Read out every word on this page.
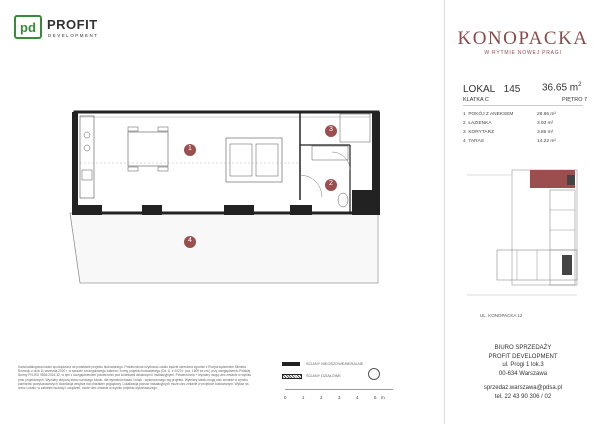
pd PROFIT
DEVELOPMENT	KONOPACKA
W RYTMIE NOWEJ PRAGI
LOKAL 145 36.65 $m^2$
KLATKA C	PIĘTRO 7
1 POKÓJ Z ANEKSEM	28.86 m²
2 ŁAZIENKA	3.93 m²
3 KORYTARZ	3.86 m²
4 TARAS	14.22 m²
1
2
3
4
UL. KONOPACKA 12
BIURO SPRZEDAŻY
PROFIT DEVELOPMENT
ul. Progi 1 lok.3
00-634 Warszawa
sprzedaz.warszawa@pdsa.pl
tel. 22 43 90 306 / 02
Karta katalogowa lokalu sporządzona na podstawie projektu budowlanego. Powierzchnia użytkowa Lokalu będzie określona zgodnie z Rozporządzeniem Ministra Rozwoju z dnia 11 września 2020 r. w sprawie szczegółowego zakresu i formy projektu budowlanego (Dz. U. z 2020 r. poz. 1609 ze zm.) przy uwzględnieniu Polskiej Normy PN-ISO 9836:2015-12, w tym z uwzględnieniem powierzchni pod ściankami działowymi i instalacyjnymi. Powierzchnia + wymiary mogą ulec zmianie w wyniku prac projektowych. Wymiary dotyczą stanu surowego lokalu, dla wymiarów fasad i wnęk - wykończonego wg projektu. Wymiary lokalu mogą ulec zmianie w wyniku pomiarów powykonawczych. Aranżacja wnętrza ma charakter poglądowy. Lokalizacja pionów instalacyjnych może ulec zmianie w projekcie budowlanym. Wykaz na rzecz Lokalu, w zakresie budowy i urządzeń, może ulec zmianie w wyniku projektu wykonawczego.
ŚCIANY NIEOSZOWE/BERALNE
ŚCIANY DZIAŁOWE
0	1	2	3	4	5 m
